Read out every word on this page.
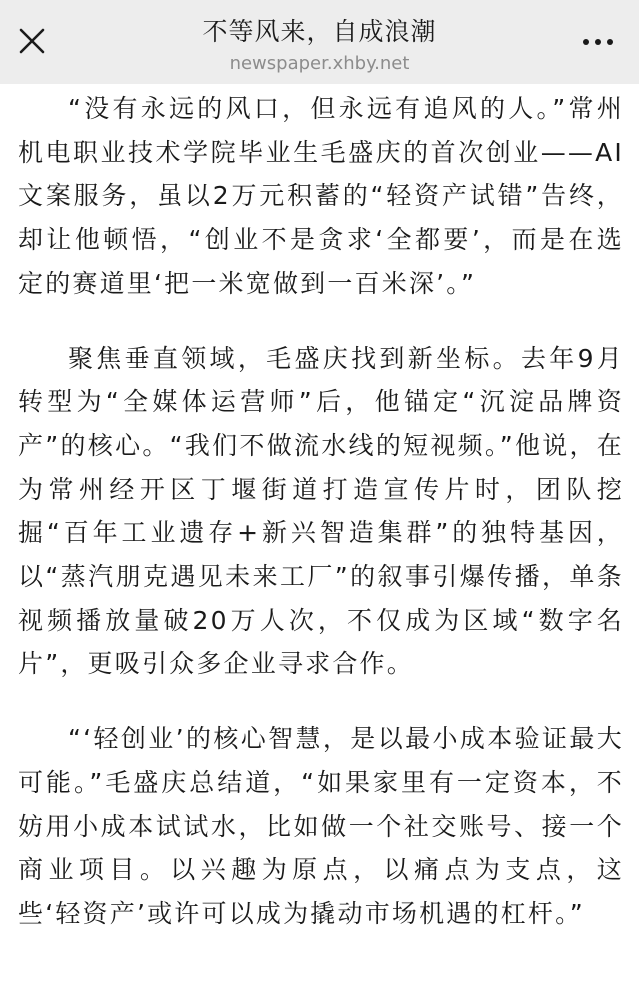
不等风来，自成浪潮
newspaper.xhby.net

“没有永远的风口，但永远有追风的人。”常州机电职业技术学院毕业生毛盛庆的首次创业——AI文案服务，虽以2万元积蓄的“轻资产试错”告终，却让他顿悟，“创业不是贪求‘全都要’，而是在选定的赛道里‘把一米宽做到一百米深’。”

聚焦垂直领域，毛盛庆找到新坐标。去年9月转型为“全媒体运营师”后，他锚定“沉淀品牌资产”的核心。“我们不做流水线的短视频。”他说，在为常州经开区丁堰街道打造宣传片时，团队挖掘“百年工业遗存+新兴智造集群”的独特基因，以“蒸汽朋克遇见未来工厂”的叙事引爆传播，单条视频播放量破20万人次，不仅成为区域“数字名片”，更吸引众多企业寻求合作。

“‘轻创业’的核心智慧，是以最小成本验证最大可能。”毛盛庆总结道，“如果家里有一定资本，不妨用小成本试试水，比如做一个社交账号、接一个商业项目。以兴趣为原点，以痛点为支点，这些‘轻资产’或许可以成为撬动市场机遇的杠杆。”
